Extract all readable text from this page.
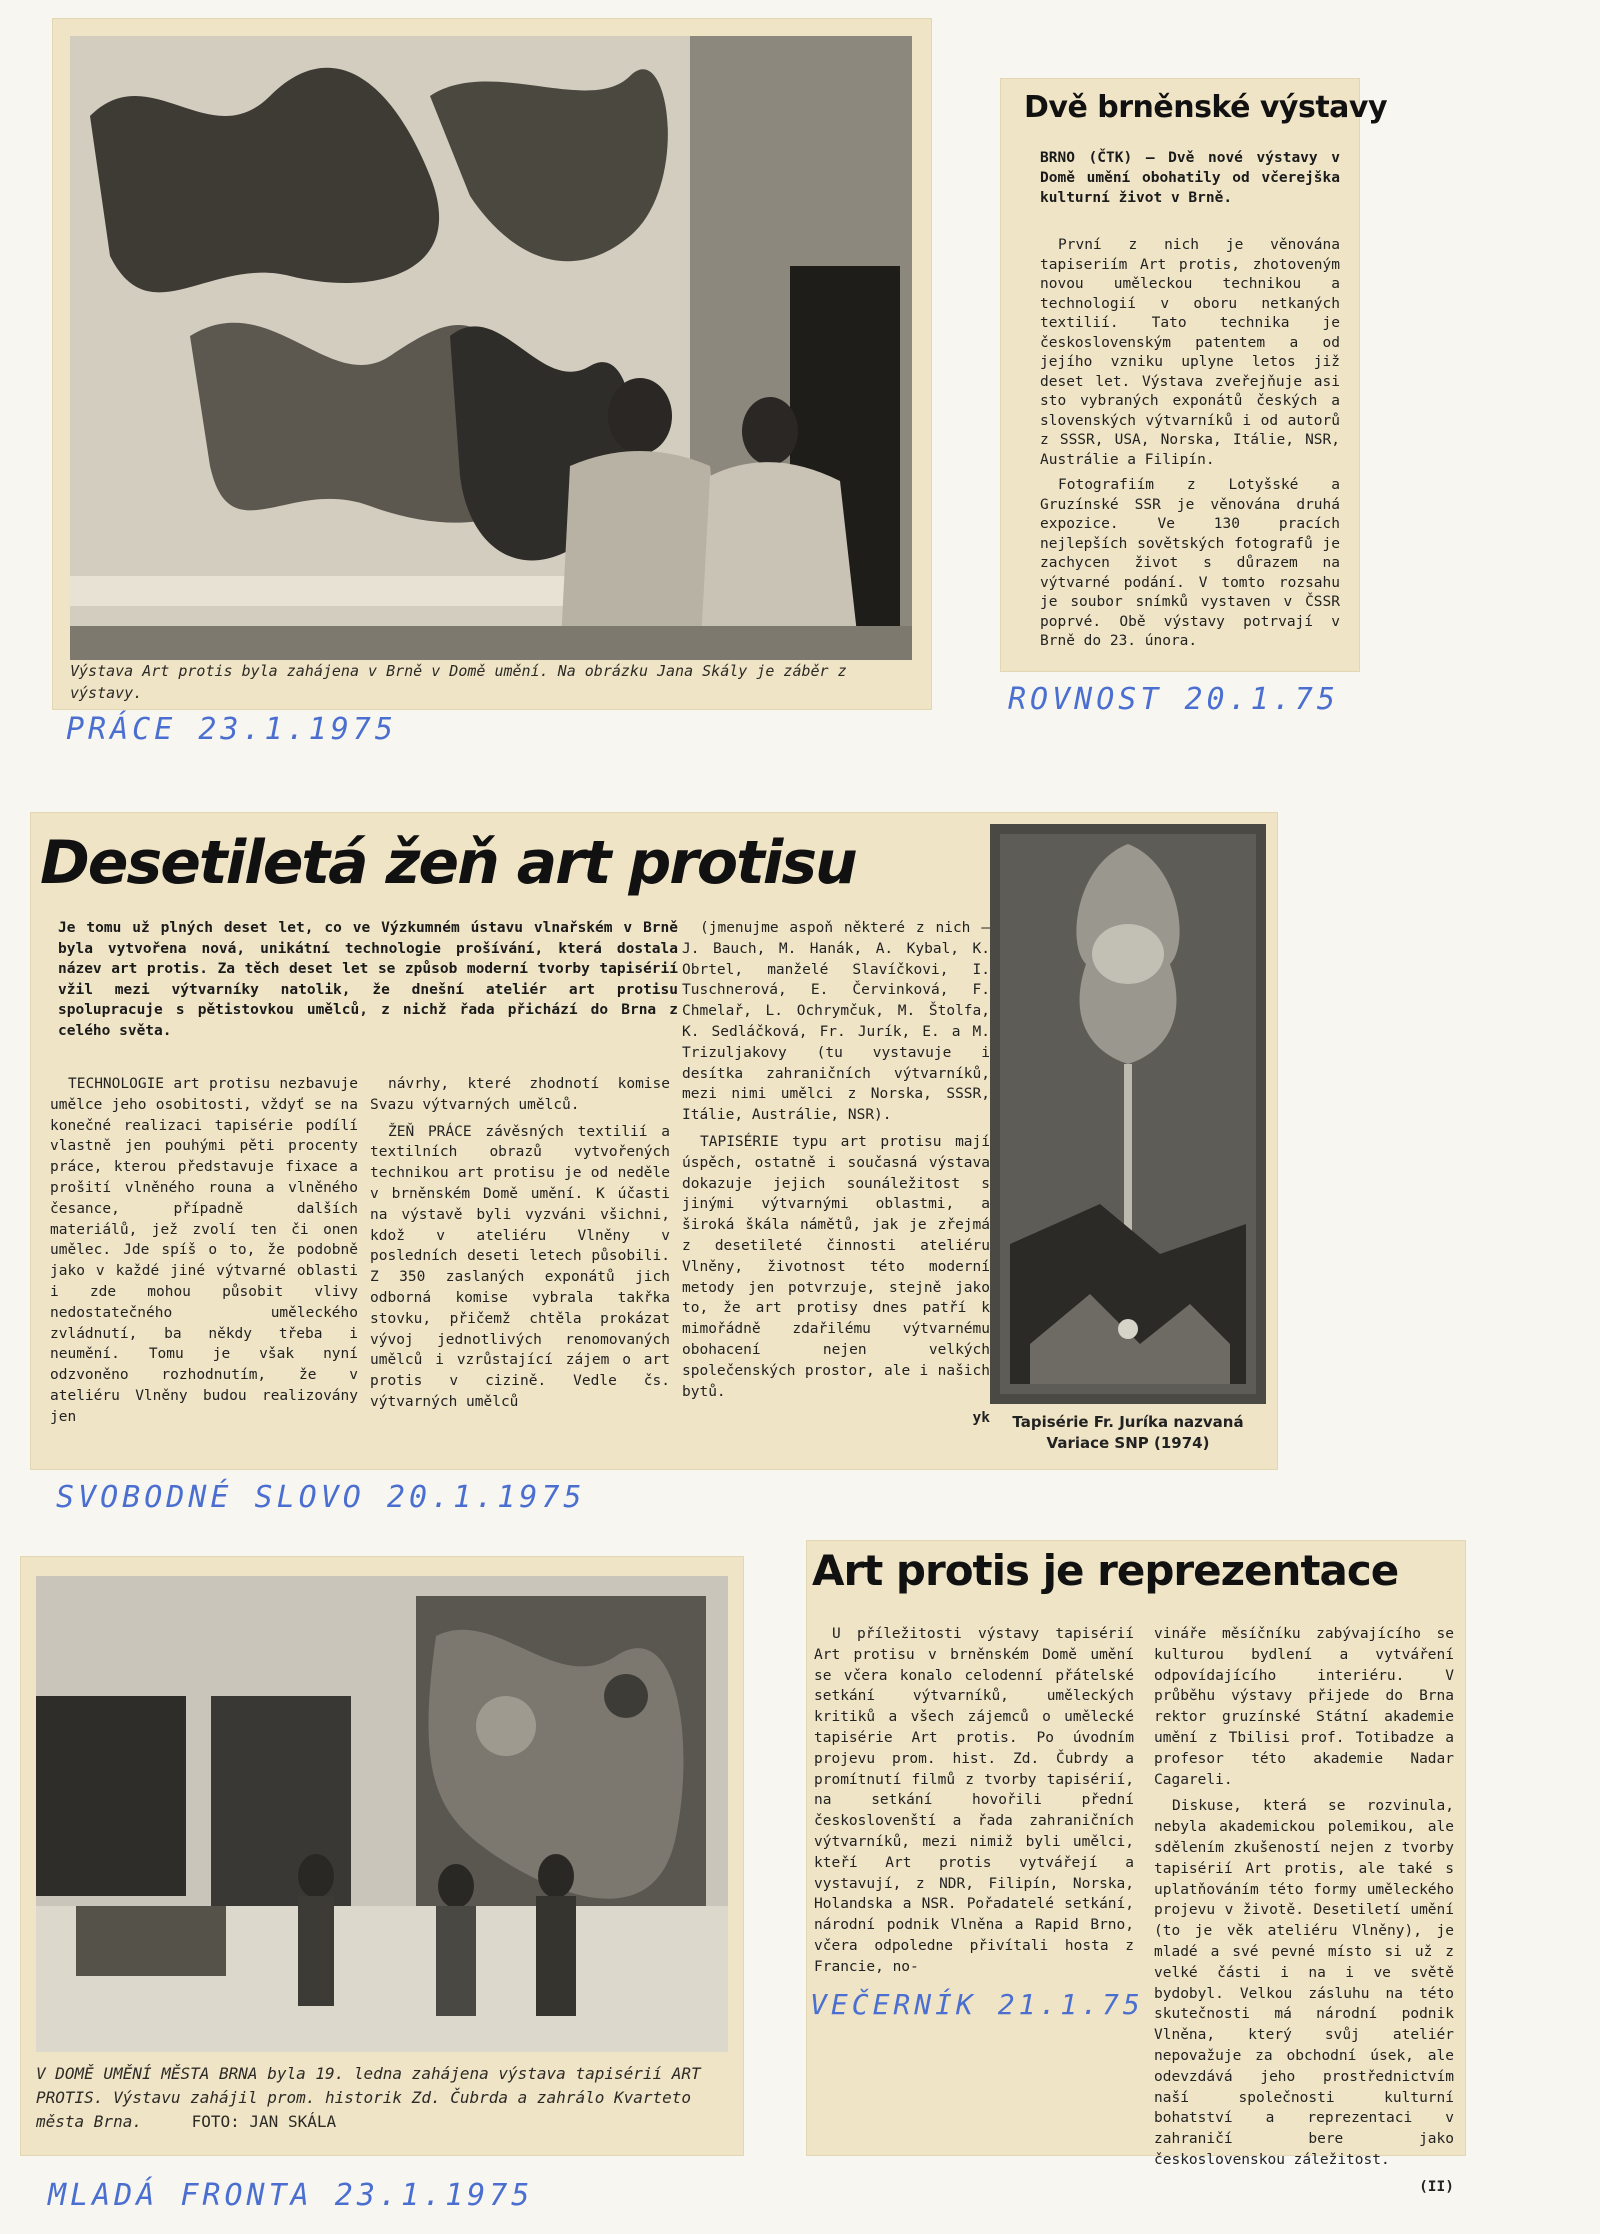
Výstava Art protis byla zahájena v Brně v Domě umění. Na obrázku Jana Skály je záběr z výstavy.
PRÁCE 23.1.1975
Dvě brněnské výstavy
BRNO (ČTK) — Dvě nové výstavy v Domě umění obohatily od včerejška kulturní život v Brně.

První z nich je věnována tapiseriím Art protis, zhotoveným novou uměleckou technikou a technologií v oboru netkaných textilií. Tato technika je československým patentem a od jejího vzniku uplyne letos již deset let. Výstava zveřejňuje asi sto vybraných exponátů českých a slovenských výtvarníků i od autorů z SSSR, USA, Norska, Itálie, NSR, Austrálie a Filipín.

Fotografiím z Lotyšské a Gruzínské SSR je věnována druhá expozice. Ve 130 pracích nejlepších sovětských fotografů je zachycen život s důrazem na výtvarné podání. V tomto rozsahu je soubor snímků vystaven v ČSSR poprvé. Obě výstavy potrvají v Brně do 23. února.

ROVNOST 20.1.75
Desetiletá žeň art protisu
Je tomu už plných deset let, co ve Výzkumném ústavu vlnařském v Brně byla vytvořena nová, unikátní technologie prošívání, která dostala název art protis. Za těch deset let se způsob moderní tvorby tapisérií vžil mezi výtvarníky natolik, že dnešní ateliér art protisu spolupracuje s pětistovkou umělců, z nichž řada přichází do Brna z celého světa.

TECHNOLOGIE art protisu nezbavuje umělce jeho osobitosti, vždyť se na konečné realizaci tapisérie podílí vlastně jen pouhými pěti procenty práce, kterou představuje fixace a prošití vlněného rouna a vlněného česance, případně dalších materiálů, jež zvolí ten či onen umělec. Jde spíš o to, že podobně jako v každé jiné výtvarné oblasti i zde mohou působit vlivy nedostatečného uměleckého zvládnutí, ba někdy třeba i neumění. Tomu je však nyní odzvoněno rozhodnutím, že v ateliéru Vlněny budou realizovány jen

návrhy, které zhodnotí komise Svazu výtvarných umělců.

ŽEŇ PRÁCE závěsných textilií a textilních obrazů vytvořených technikou art protisu je od neděle v brněnském Domě umění. K účasti na výstavě byli vyzváni všichni, kdož v ateliéru Vlněny v posledních deseti letech působili. Z 350 zaslaných exponátů jich odborná komise vybrala takřka stovku, přičemž chtěla prokázat vývoj jednotlivých renomovaných umělců i vzrůstající zájem o art protis v cizině. Vedle čs. výtvarných umělců

(jmenujme aspoň některé z nich — J. Bauch, M. Hanák, A. Kybal, K. Obrtel, manželé Slavíčkovi, I. Tuschnerová, E. Červinková, F. Chmelař, L. Ochrymčuk, M. Štolfa, K. Sedláčková, Fr. Jurík, E. a M. Trizuljakovy (tu vystavuje i desítka zahraničních výtvarníků, mezi nimi umělci z Norska, SSSR, Itálie, Austrálie, NSR).

TAPISÉRIE typu art protisu mají úspěch, ostatně i současná výstava dokazuje jejich sounáležitost s jinými výtvarnými oblastmi, a široká škála námětů, jak je zřejmá z desetileté činnosti ateliéru Vlněny, životnost této moderní metody jen potvrzuje, stejně jako to, že art protisy dnes patří k mimořádně zdařilému výtvarnému obohacení nejen velkých společenských prostor, ale i našich bytů.

yk	Tapisérie Fr. Juríka nazvaná
Variace SNP (1974)
SVOBODNÉ SLOVO 20.1.1975
V DOMĚ UMĚNÍ MĚSTA BRNA byla 19. ledna zahájena výstava tapisérií ART PROTIS. Výstavu zahájil prom. historik Zd. Čubrda a zahrálo Kvarteto města Brna.	FOTO: JAN SKÁLA
MLADÁ FRONTA 23.1.1975
Art protis je reprezentace

U příležitosti výstavy tapisérií Art protisu v brněnském Domě umění se včera konalo celodenní přátelské setkání výtvarníků, uměleckých kritiků a všech zájemců o umělecké tapisérie Art protis. Po úvodním projevu prom. hist. Zd. Čubrdy a promítnutí filmů z tvorby tapisérií, na setkání hovořili přední českoslovenští a řada zahraničních výtvarníků, mezi nimiž byli umělci, kteří Art protis vytvářejí a vystavují, z NDR, Filipín, Norska, Holandska a NSR. Pořadatelé setkání, národní podnik Vlněna a Rapid Brno, včera odpoledne přivítali hosta z Francie, no-

vináře měsíčníku zabývajícího se kulturou bydlení a vytváření odpovídajícího interiéru. V průběhu výstavy přijede do Brna rektor gruzínské Státní akademie umění z Tbilisi prof. Totibadze a profesor této akademie Nadar Cagareli.

Diskuse, která se rozvinula, nebyla akademickou polemikou, ale sdělením zkušeností nejen z tvorby tapisérií Art protis, ale také s uplatňováním této formy uměleckého projevu v životě. Desetiletí umění (to je věk ateliéru Vlněny), je mladé a své pevné místo si už z velké části i na i ve světě bydobyl. Velkou zásluhu na této skutečnosti má národní podnik Vlněna, který svůj ateliér nepovažuje za obchodní úsek, ale odevzdává jeho prostřednictvím naší společnosti kulturní bohatství a reprezentaci v zahraničí bere jako československou záležitost.

(II)
VEČERNÍK 21.1.75
